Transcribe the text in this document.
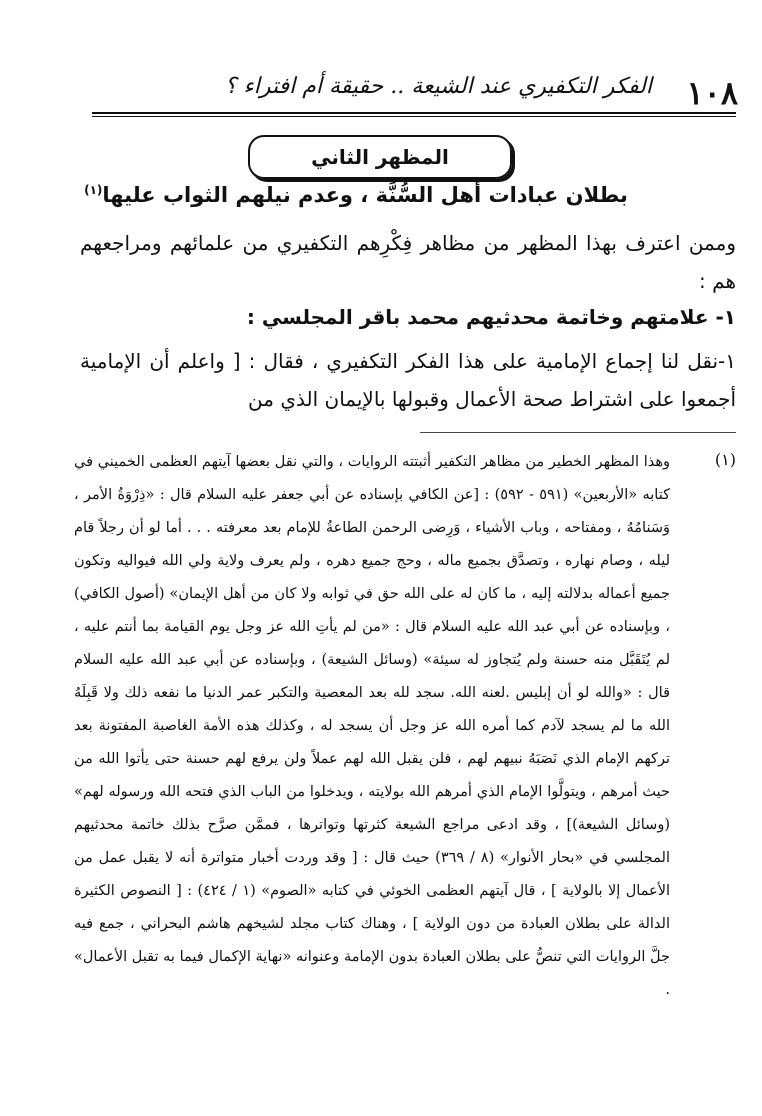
١٠٨
الفكر التكفيري عند الشيعة .. حقيقة أم افتراء ؟
المظهر الثاني
بطلان عبادات أهل السُّنَّة ، وعدم نيلهم الثواب عليها$^{(١)}$
وممن اعترف بهذا المظهر من مظاهر فِكْرِهم التكفيري من علمائهم ومراجعهم هم :
١- علامتهم وخاتمة محدثيهم محمد باقر المجلسي :
١-نقل لنا إجماع الإمامية على هذا الفكر التكفيري ، فقال : [ واعلم أن الإمامية أجمعوا على اشتراط صحة الأعمال وقبولها بالإيمان الذي من
(١)
وهذا المظهر الخطير من مظاهر التكفير أثبتته الروايات ، والتي نقل بعضها آيتهم العظمى الخميني في كتابه «الأربعين» (٥٩١ - ٥٩٢) : [عن الكافي بإسناده عن أبي جعفر عليه السلام قال : «ذِرْوَةُ الأمر ، وَسَنامُهُ ، ومفتاحه ، وباب الأشياء ، وَرِضى الرحمن الطاعةُ للإمام بعد معرفته . . . أما لو أن رجلاً قام ليله ، وصام نهاره ، وتصدَّق بجميع ماله ، وحج جميع دهره ، ولم يعرف ولاية ولي الله فيواليه وتكون جميع أعماله بدلالته إليه ، ما كان له على الله حق في ثوابه ولا كان من أهل الإيمان» (أصول الكافي) ، وبإسناده عن أبي عبد الله عليه السلام قال : «من لم يأتِ الله عز وجل يوم القيامة بما أنتم عليه ، لم يُتَقَبَّل منه حسنة ولم يُتجاوز له سيئة» (وسائل الشيعة) ، وبإسناده عن أبي عبد الله عليه السلام قال : «والله لو أن إبليس .لعنه الله. سجد لله بعد المعصية والتكبر عمر الدنيا ما نفعه ذلك ولا قَبِلَهُ الله ما لم يسجد لآدم كما أمره الله عز وجل أن يسجد له ، وكذلك هذه الأمة الغاصبة المفتونة بعد تركهم الإمام الذي نَصَبَهُ نبيهم لهم ، فلن يقبل الله لهم عملاً ولن يرفع لهم حسنة حتى يأتوا الله من حيث أمرهم ، ويتولَّوا الإمام الذي أمرهم الله بولايته ، ويدخلوا من الباب الذي فتحه الله ورسوله لهم» (وسائل الشيعة)] ، وقد ادعى مراجع الشيعة كثرتها وتواترها ، فممَّن صرَّح بذلك خاتمة محدثيهم المجلسي في «بحار الأنوار» (٨ / ٣٦٩) حيث قال : [ وقد وردت أخبار متواترة أنه لا يقبل عمل من الأعمال إلا بالولاية ] ، قال آيتهم العظمى الخوئي في كتابه «الصوم» (١ / ٤٢٤) : [ النصوص الكثيرة الدالة على بطلان العبادة من دون الولاية ] ، وهناك كتاب مجلد لشيخهم هاشم البحراني ، جمع فيه جلَّ الروايات التي تنصُّ على بطلان العبادة بدون الإمامة وعنوانه «نهاية الإكمال فيما به تقبل الأعمال» .
